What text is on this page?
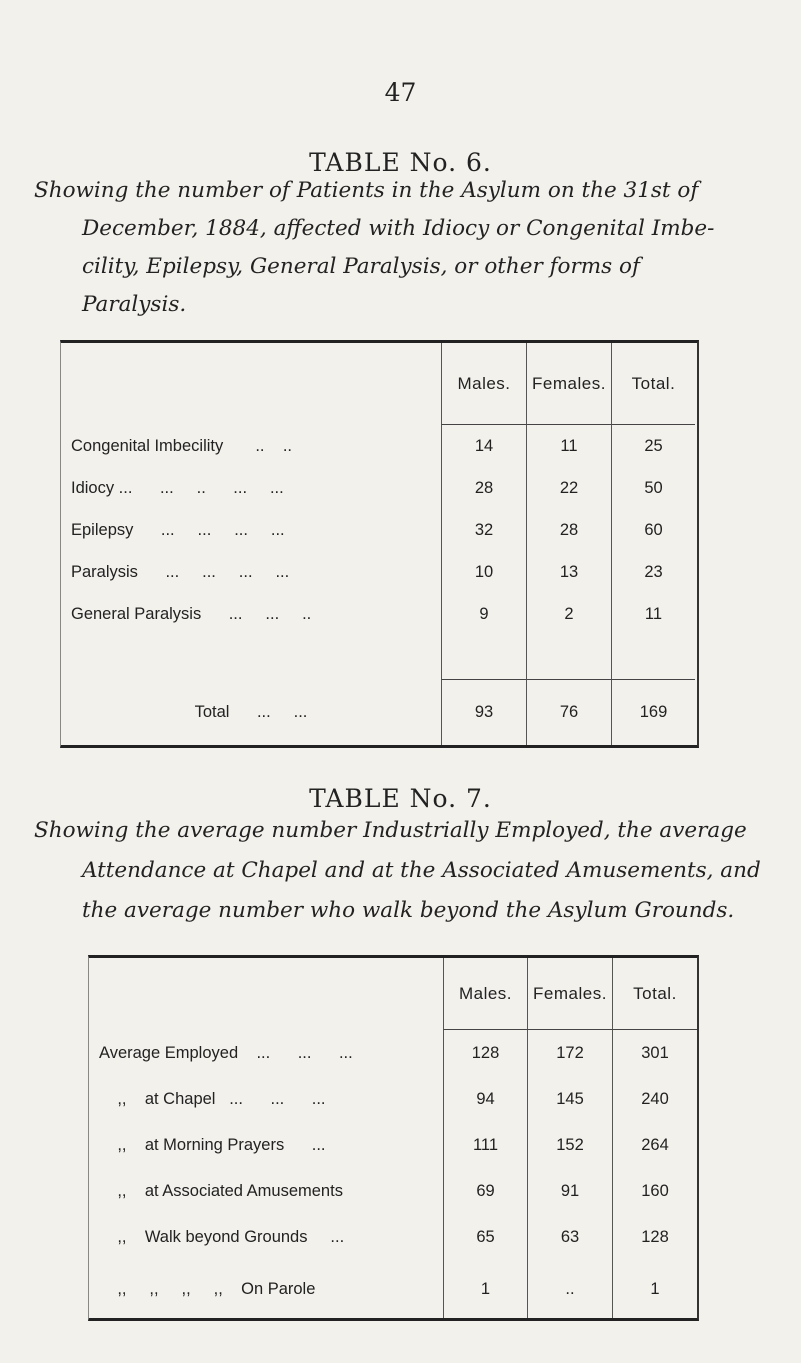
47
TABLE No. 6.
Showing the number of Patients in the Asylum on the 31st of
December, 1884, affected with Idiocy or Congenital Imbe-
cility, Epilepsy, General Paralysis, or other forms of
Paralysis.
Males.	Females.	Total.
Congenital Imbecility       ..    ..	14	11	25
Idiocy ...      ...     ..      ...     ...	28	22	50
Epilepsy      ...     ...     ...     ...	32	28	60
Paralysis      ...     ...     ...     ...	10	13	23
General Paralysis      ...     ...     ..	9	2	11
Total      ...     ...	93	76	169
TABLE No. 7.
Showing the average number Industrially Employed, the average
Attendance at Chapel and at the Associated Amusements, and
the average number who walk beyond the Asylum Grounds.
Males.	Females.	Total.
Average Employed    ...      ...      ...	128	172	301
,,    at Chapel   ...      ...      ...	94	145	240
,,    at Morning Prayers      ...	111	152	264
,,    at Associated Amusements	69	91	160
,,    Walk beyond Grounds     ...	65	63	128
,,     ,,     ,,     ,,    On Parole	1	..	1
